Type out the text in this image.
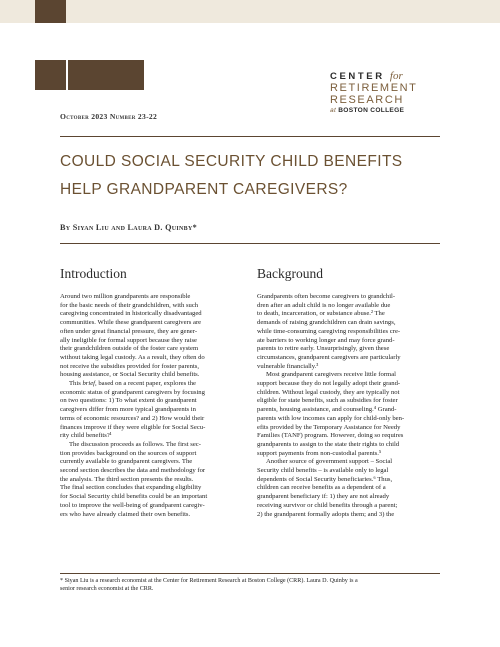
CENTER for
RETIREMENT
RESEARCH
at BOSTON COLLEGE
October 2023 Number 23-22
COULD SOCIAL SECURITY CHILD BENEFITS
HELP GRANDPARENT CAREGIVERS?
By Siyan Liu and Laura D. Quinby*
Introduction	Background

Around two million grandparents are responsible
for the basic needs of their grandchildren, with such
caregiving concentrated in historically disadvantaged
communities. While these grandparent caregivers are
often under great financial pressure, they are gener-
ally ineligible for formal support because they raise
their grandchildren outside of the foster care system
without taking legal custody. As a result, they often do
not receive the subsidies provided for foster parents,
housing assistance, or Social Security child benefits.

This brief, based on a recent paper, explores the

economic status of grandparent caregivers by focusing
on two questions: 1) To what extent do grandparent
caregivers differ from more typical grandparents in
terms of economic resources? and 2) How would their
finances improve if they were eligible for Social Secu-
rity child benefits?¹

The discussion proceeds as follows. The first sec-
tion provides background on the sources of support
currently available to grandparent caregivers. The
second section describes the data and methodology for
the analysis. The third section presents the results.
The final section concludes that expanding eligibility
for Social Security child benefits could be an important
tool to improve the well-being of grandparent caregiv-
ers who have already claimed their own benefits.

Grandparents often become caregivers to grandchil-
dren after an adult child is no longer available due
to death, incarceration, or substance abuse.² The
demands of raising grandchildren can drain savings,
while time-consuming caregiving responsibilities cre-
ate barriers to working longer and may force grand-
parents to retire early. Unsurprisingly, given these
circumstances, grandparent caregivers are particularly
vulnerable financially.³

Most grandparent caregivers receive little formal
support because they do not legally adopt their grand-
children. Without legal custody, they are typically not
eligible for state benefits, such as subsidies for foster
parents, housing assistance, and counseling.⁴ Grand-
parents with low incomes can apply for child-only ben-
efits provided by the Temporary Assistance for Needy
Families (TANF) program. However, doing so requires
grandparents to assign to the state their rights to child
support payments from non-custodial parents.⁵

Another source of government support – Social
Security child benefits – is available only to legal
dependents of Social Security beneficiaries.⁶ Thus,
children can receive benefits as a dependent of a
grandparent beneficiary if: 1) they are not already
receiving survivor or child benefits through a parent;
2) the grandparent formally adopts them; and 3) the

* Siyan Liu is a research economist at the Center for Retirement Research at Boston College (CRR). Laura D. Quinby is a
senior research economist at the CRR.
